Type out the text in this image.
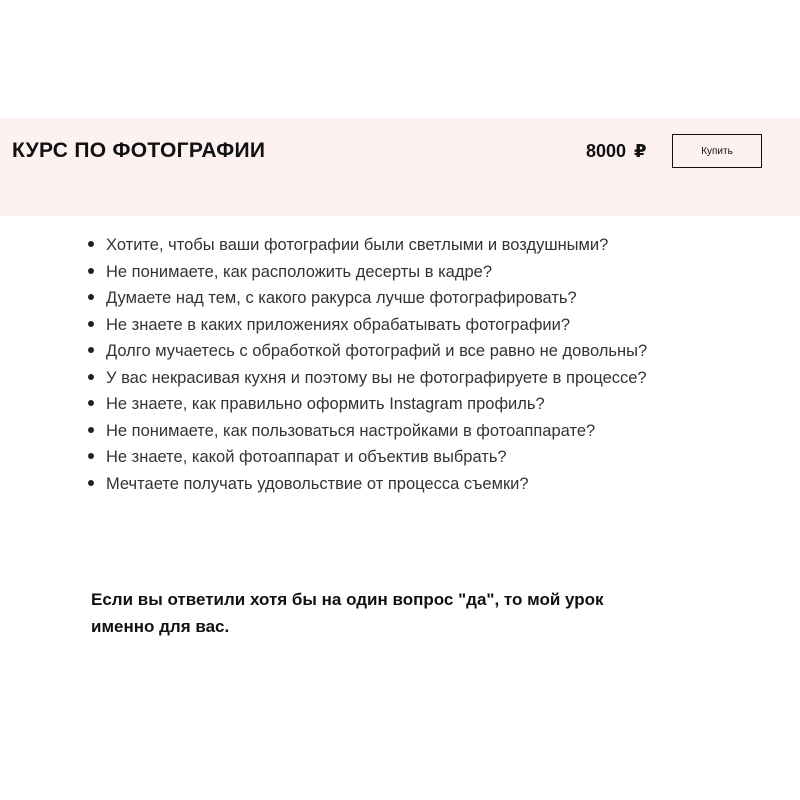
КУРС ПО ФОТОГРАФИИ	8000 ₽	Купить
Хотите, чтобы ваши фотографии были светлыми и воздушными?
Не понимаете, как расположить десерты в кадре?
Думаете над тем, с какого ракурса лучше фотографировать?
Не знаете в каких приложениях обрабатывать фотографии?
Долго мучаетесь с обработкой фотографий и все равно не довольны?
У вас некрасивая кухня и поэтому вы не фотографируете в процессе?
Не знаете, как правильно оформить Instagram профиль?
Не понимаете, как пользоваться настройками в фотоаппарате?
Не знаете, какой фотоаппарат и объектив выбрать?
Мечтаете получать удовольствие от процесса съемки?

Если вы ответили хотя бы на один вопрос "да", то мой урок именно для вас.
